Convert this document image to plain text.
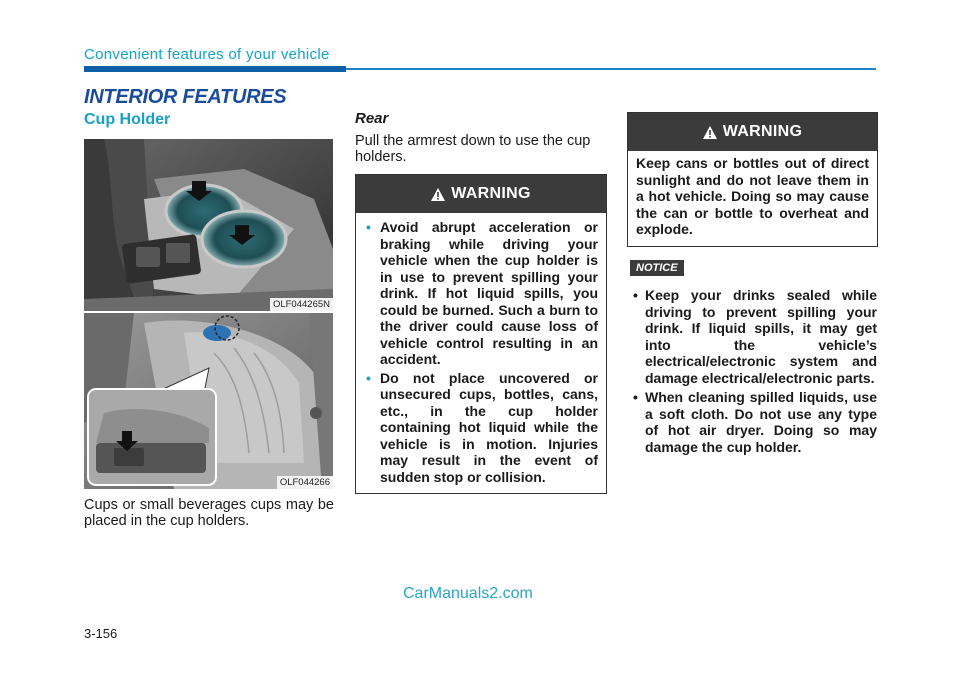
Convenient features of your vehicle
INTERIOR FEATURES
Cup Holder
OLF044265N
OLF044266
Cups or small beverages cups may be placed in the cup holders.
Rear
Pull the armrest down to use the cup holders.
WARNING
• Avoid abrupt acceleration or braking while driving your vehicle when the cup holder is in use to prevent spilling your drink. If hot liquid spills, you could be burned. Such a burn to the driver could cause loss of vehicle control resulting in an accident.
• Do not place uncovered or unsecured cups, bottles, cans, etc., in the cup holder containing hot liquid while the vehicle is in motion. Injuries may result in the event of sudden stop or collision.
WARNING
Keep cans or bottles out of direct sunlight and do not leave them in a hot vehicle. Doing so may cause the can or bottle to overheat and explode.
NOTICE
• Keep your drinks sealed while driving to prevent spilling your drink. If liquid spills, it may get into the vehicle’s electrical/electronic system and damage electrical/electronic parts.
• When cleaning spilled liquids, use a soft cloth. Do not use any type of hot air dryer. Doing so may damage the cup holder.
CarManuals2.com
3-156
